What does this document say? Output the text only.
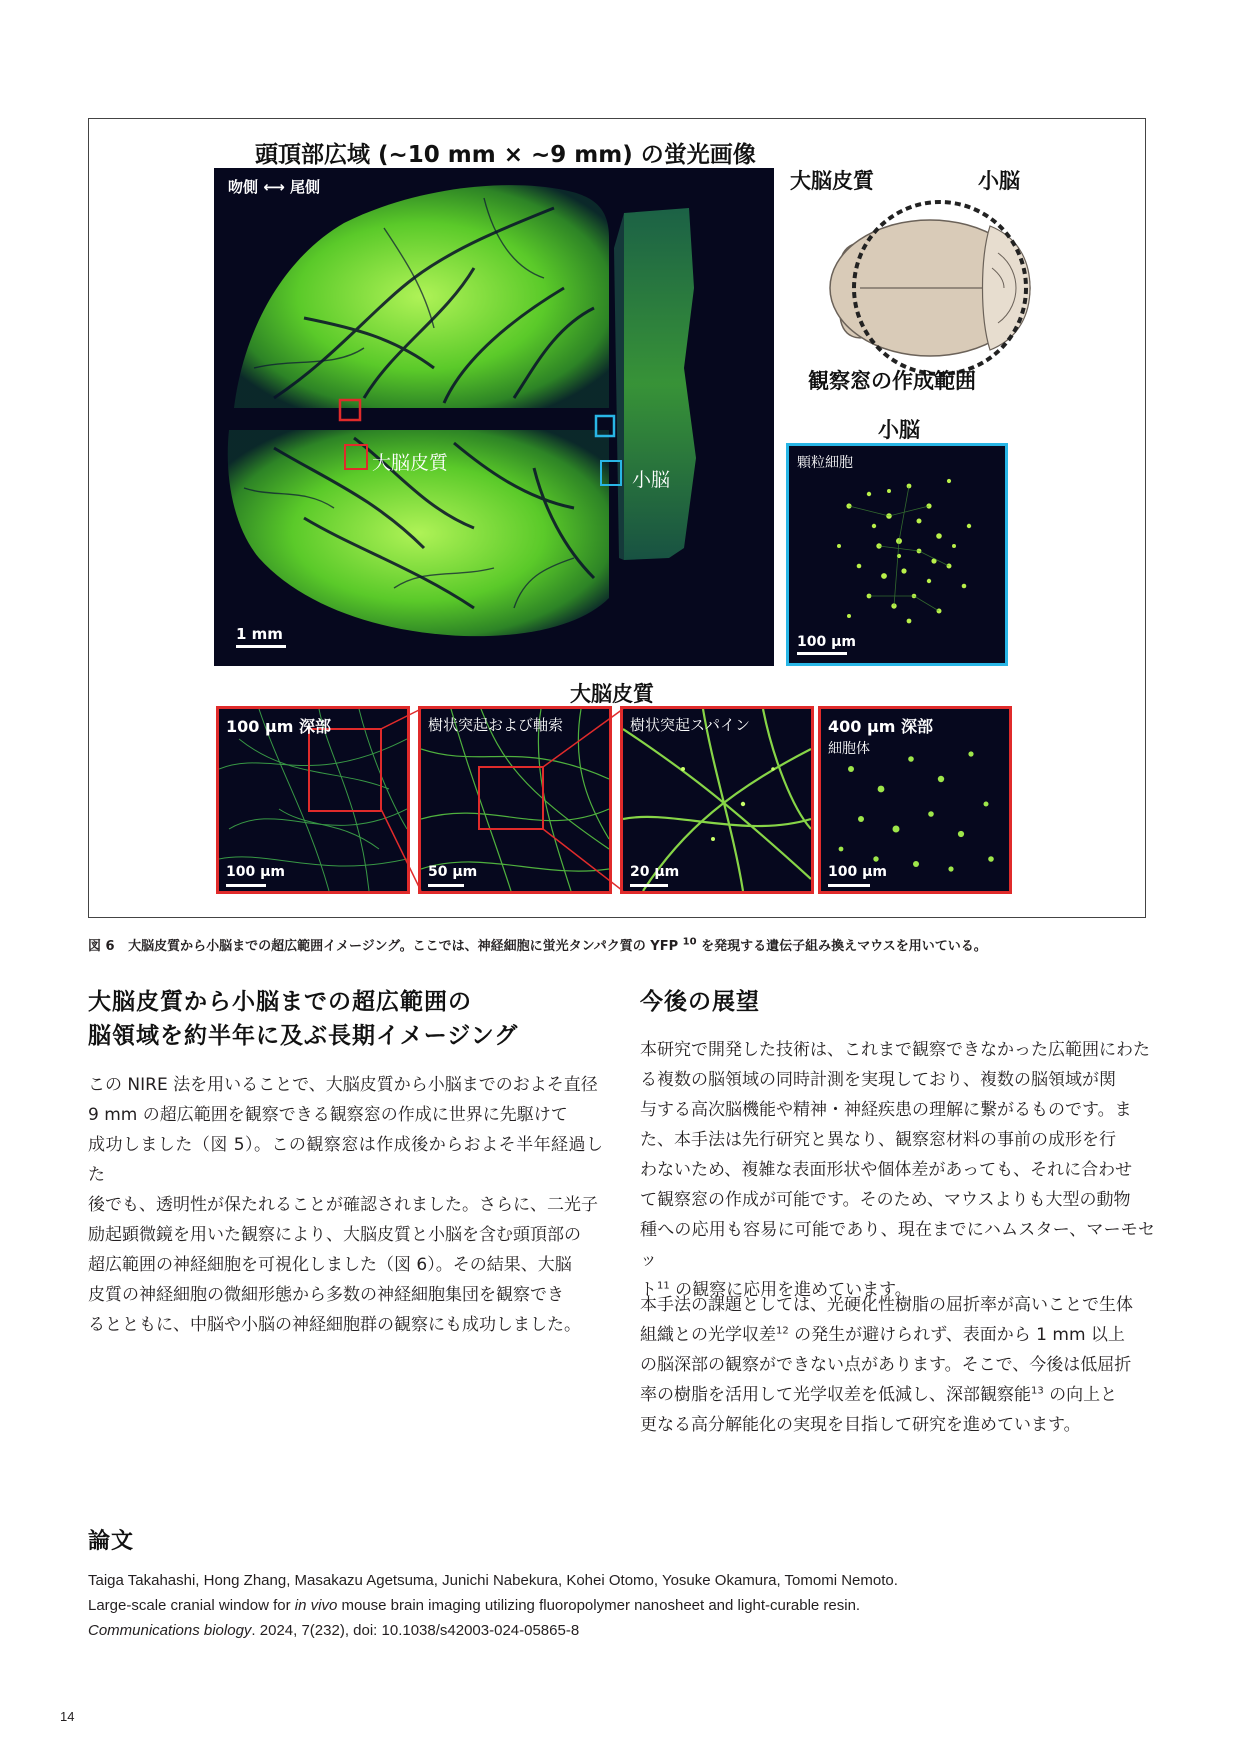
頭頂部広域 (~10 mm × ~9 mm) の蛍光画像
吻側 ⟷ 尾側
大脳皮質
小脳
1 mm
大脳皮質	小脳
観察窓の作成範囲
小脳
顆粒細胞
100 μm
大脳皮質
100 μm 深部	樹状突起および軸索	樹状突起スパイン	400 μm 深部
細胞体
100 μm	50 μm	20 μm	100 μm
図 6 大脳皮質から小脳までの超広範囲イメージング。ここでは、神経細胞に蛍光タンパク質の YFP $^{10}$ を発現する遺伝子組み換えマウスを用いている。
大脳皮質から小脳までの超広範囲の
脳領域を約半年に及ぶ長期イメージング
この NIRE 法を用いることで、大脳皮質から小脳までのおよそ直径
9 mm の超広範囲を観察できる観察窓の作成に世界に先駆けて
成功しました（図 5）。この観察窓は作成後からおよそ半年経過した
後でも、透明性が保たれることが確認されました。さらに、二光子
励起顕微鏡を用いた観察により、大脳皮質と小脳を含む頭頂部の
超広範囲の神経細胞を可視化しました（図 6）。その結果、大脳
皮質の神経細胞の微細形態から多数の神経細胞集団を観察でき
るとともに、中脳や小脳の神経細胞群の観察にも成功しました。
今後の展望
本研究で開発した技術は、これまで観察できなかった広範囲にわた
る複数の脳領域の同時計測を実現しており、複数の脳領域が関
与する高次脳機能や精神・神経疾患の理解に繋がるものです。ま
た、本手法は先行研究と異なり、観察窓材料の事前の成形を行
わないため、複雑な表面形状や個体差があっても、それに合わせ
て観察窓の作成が可能です。そのため、マウスよりも大型の動物
種への応用も容易に可能であり、現在までにハムスター、マーモセッ
ト$^{11}$ の観察に応用を進めています。
本手法の課題としては、光硬化性樹脂の屈折率が高いことで生体
組織との光学収差$^{12}$ の発生が避けられず、表面から 1 mm 以上
の脳深部の観察ができない点があります。そこで、今後は低屈折
率の樹脂を活用して光学収差を低減し、深部観察能$^{13}$ の向上と
更なる高分解能化の実現を目指して研究を進めています。
論文
Taiga Takahashi, Hong Zhang, Masakazu Agetsuma, Junichi Nabekura, Kohei Otomo, Yosuke Okamura, Tomomi Nemoto.
Large-scale cranial window for in vivo mouse brain imaging utilizing fluoropolymer nanosheet and light-curable resin.
Communications biology. 2024, 7(232), doi: 10.1038/s42003-024-05865-8
14
